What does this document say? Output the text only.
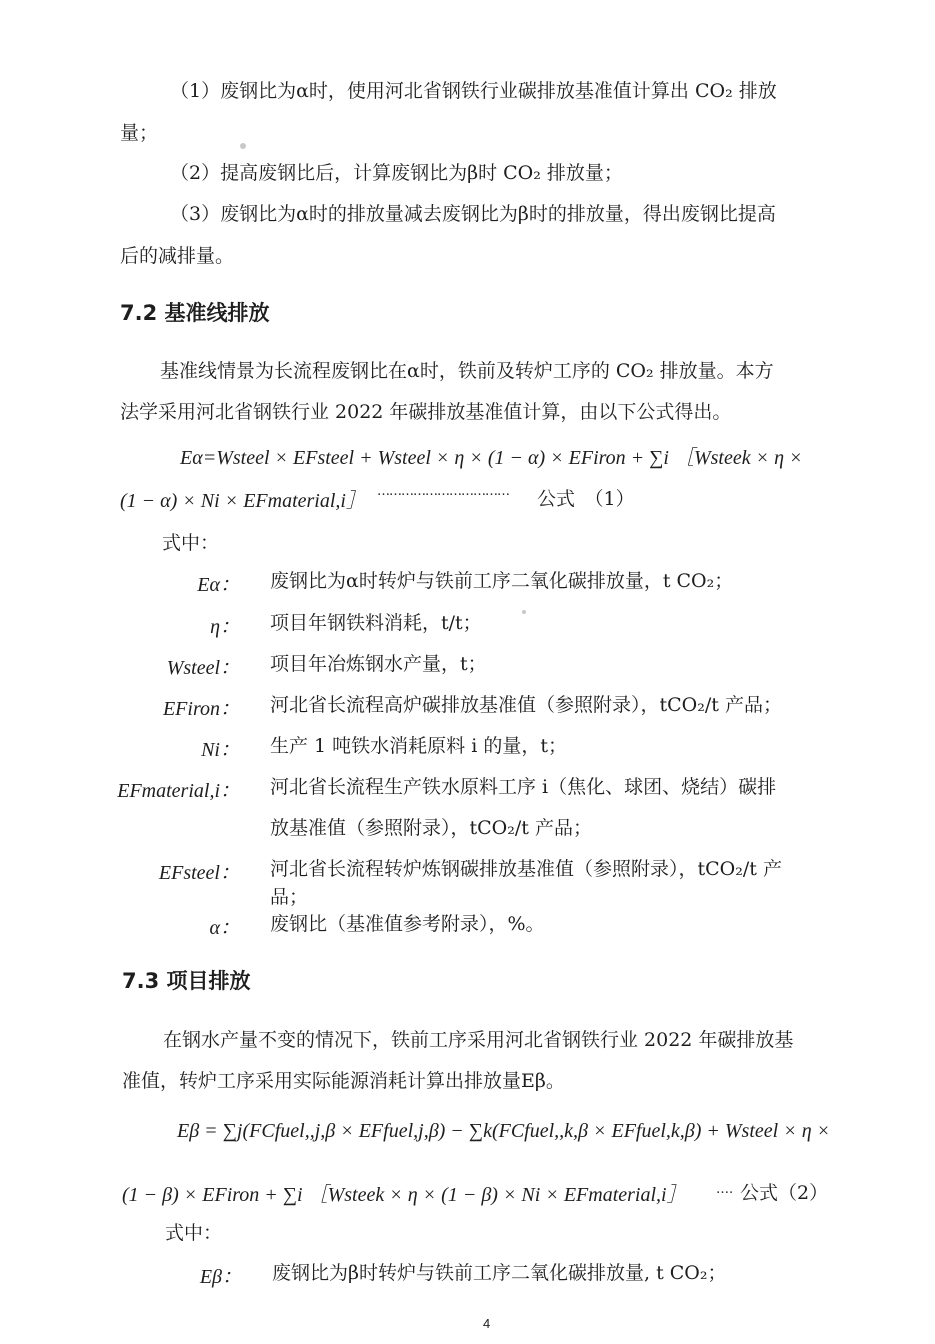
（1）废钢比为α时，使用河北省钢铁行业碳排放基准值计算出 CO₂ 排放
量；
（2）提高废钢比后，计算废钢比为β时 CO₂ 排放量；
（3）废钢比为α时的排放量减去废钢比为β时的排放量，得出废钢比提高
后的减排量。
7.2 基准线排放
基准线情景为长流程废钢比在α时，铁前及转炉工序的 CO₂ 排放量。本方
法学采用河北省钢铁行业 2022 年碳排放基准值计算，由以下公式得出。
Eα=Wsteel × EFsteel + Wsteel × η × (1 − α) × EFiron + ∑i ［Wsteek × η ×
(1 − α) × Ni × EFmaterial,i］ …………………………… 公式　（1）
式中：
Eα： 废钢比为α时转炉与铁前工序二氧化碳排放量，t CO₂；
η： 项目年钢铁料消耗，t/t；
Wsteel： 项目年冶炼钢水产量，t；
EFiron： 河北省长流程高炉碳排放基准值（参照附录），tCO₂/t 产品；
Ni： 生产 1 吨铁水消耗原料 i 的量，t；
EFmaterial,i： 河北省长流程生产铁水原料工序 i（焦化、球团、烧结）碳排
放基准值（参照附录），tCO₂/t 产品；
EFsteel： 河北省长流程转炉炼钢碳排放基准值（参照附录），tCO₂/t 产
品；
α： 废钢比（基准值参考附录），%。
7.3 项目排放
在钢水产量不变的情况下，铁前工序采用河北省钢铁行业 2022 年碳排放基
准值，转炉工序采用实际能源消耗计算出排放量Eβ。
Eβ = ∑j(FCfuel,,j,β × EFfuel,j,β) − ∑k(FCfuel,,k,β × EFfuel,k,β) + Wsteel × η ×
(1 − β) × EFiron + ∑i ［Wsteek × η × (1 − β) × Ni × EFmaterial,i］ …. 公式（2）
式中：
Eβ： 废钢比为β时转炉与铁前工序二氧化碳排放量, t CO₂；
4
